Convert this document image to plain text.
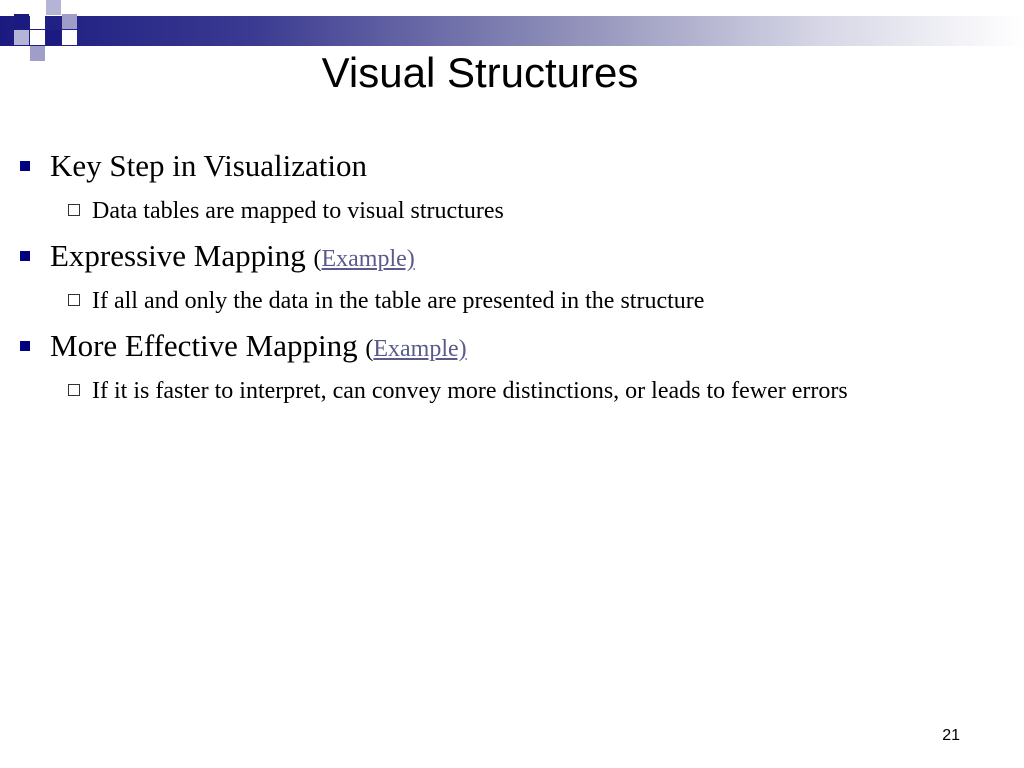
Visual Structures
Key Step in Visualization
Data tables are mapped to visual structures
Expressive Mapping (Example)
If all and only the data in the table are presented in the structure
More Effective Mapping (Example)
If it is faster to interpret, can convey more distinctions, or leads to fewer errors
21
